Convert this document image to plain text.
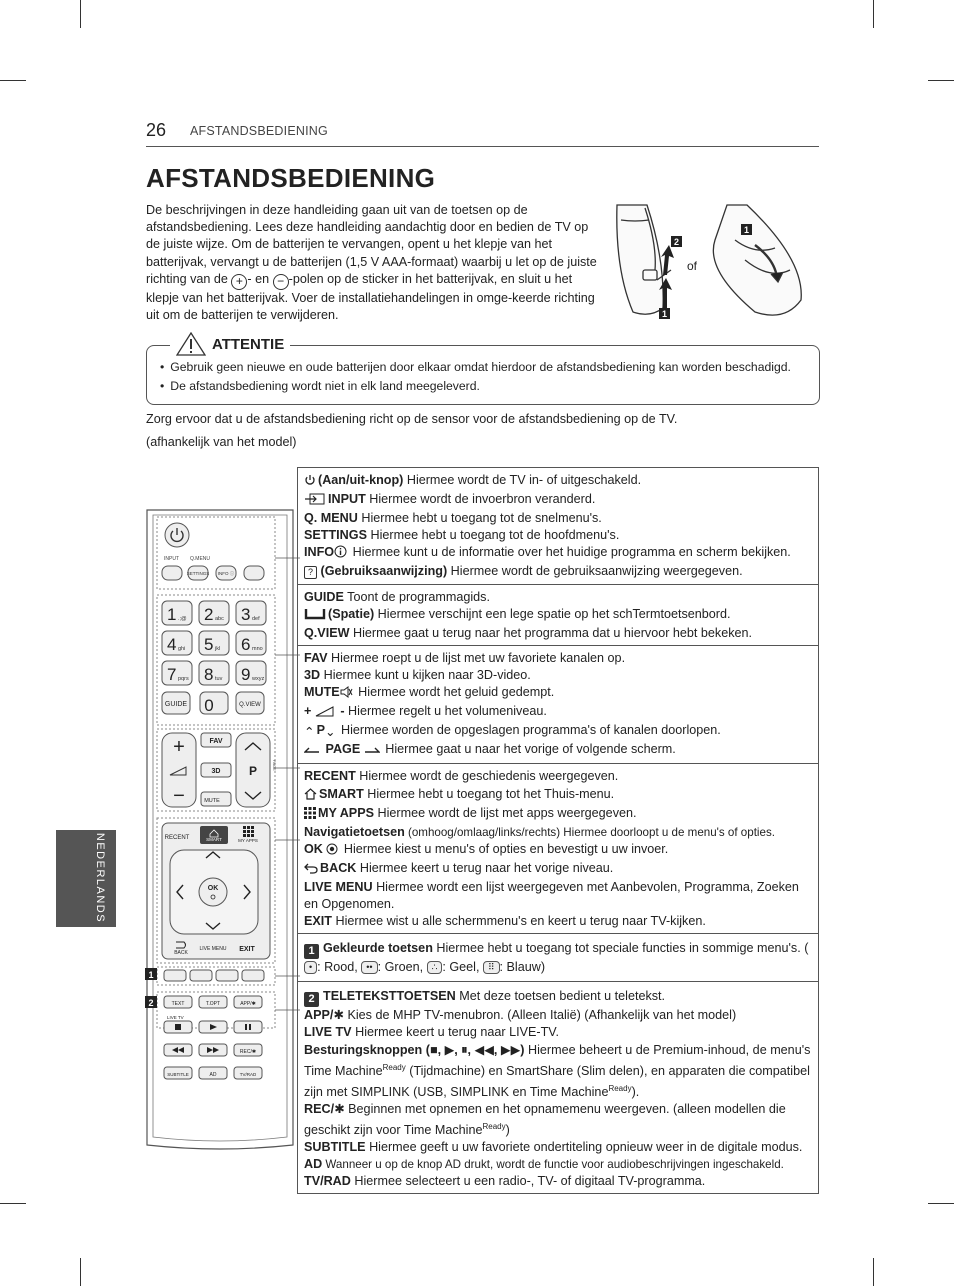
26 AFSTANDSBEDIENING
AFSTANDSBEDIENING
De beschrijvingen in deze handleiding gaan uit van de toetsen op de afstandsbediening. Lees deze handleiding aandachtig door en bedien de TV op de juiste wijze. Om de batterijen te vervangen, opent u het klepje van het batterijvak, vervangt u de batterijen (1,5 V AAA-formaat) waarbij u let op de juiste richting van de + - en − -polen op de sticker in het batterijvak, en sluit u het klepje van het batterijvak. Voer de installatiehandelingen in omge-keerde richting uit om de batterijen te verwijderen.
2
1
of
1
ATTENTIE
• Gebruik geen nieuwe en oude batterijen door elkaar omdat hierdoor de afstandsbediening kan worden beschadigd.
• De afstandsbediening wordt niet in elk land meegeleverd.
Zorg ervoor dat u de afstandsbediening richt op de sensor voor de afstandsbediening op de TV.
(afhankelijk van het model)
NEDERLANDS
INPUT Q.MENU
SETTINGS INFO ⓘ
1 .;@ 2 abc 3 def
4 ghi 5 jkl 6 mno
7 pqrs 8 tuv 9 wxyz
GUIDE 0	Q.VIEW
+
−
FAV
3D
MUTE
P	PAGE
RECENT	SMART	MY APPS
OK
BACK
LIVE MENU EXIT
1
2	TEXT	T.OPT	APP/✱
LIVE TV
REC/✱
SUBTITLE	AD	TV/RAD
(Aan/uit-knop) Hiermee wordt de TV in- of uitgeschakeld.
INPUT Hiermee wordt de invoerbron veranderd.
Q. MENU Hiermee hebt u toegang tot de snelmenu's.
SETTINGS Hiermee hebt u toegang tot de hoofdmenu's.
INFO Hiermee kunt u de informatie over het huidige programma en scherm bekijken.
? (Gebruiksaanwijzing) Hiermee wordt de gebruiksaanwijzing weergegeven.
GUIDE Toont de programmagids.
(Spatie) Hiermee verschijnt een lege spatie op het schTermtoetsenbord.
Q.VIEW Hiermee gaat u terug naar het programma dat u hiervoor hebt bekeken.
FAV Hiermee roept u de lijst met uw favoriete kanalen op.
3D Hiermee kunt u kijken naar 3D-video.
MUTE Hiermee wordt het geluid gedempt.
+ - Hiermee regelt u het volumeniveau.
⌃ P⌄ Hiermee worden de opgeslagen programma's of kanalen doorlopen.
PAGE  Hiermee gaat u naar het vorige of volgende scherm.
RECENT Hiermee wordt de geschiedenis weergegeven.
SMART Hiermee hebt u toegang tot het Thuis-menu.
MY APPS Hiermee wordt de lijst met apps weergegeven.
Navigatietoetsen (omhoog/omlaag/links/rechts) Hiermee doorloopt u de menu's of opties.
OK  Hiermee kiest u menu's of opties en bevestigt u uw invoer.
BACK Hiermee keert u terug naar het vorige niveau.
LIVE MENU Hiermee wordt een lijst weergegeven met Aanbevolen, Programma, Zoeken en Opgenomen.
EXIT Hiermee wist u alle schermmenu's en keert u terug naar TV-kijken.
1 Gekleurde toetsen Hiermee hebt u toegang tot speciale functies in sommige menu's. (• : Rood, •• : Groen, ∴ : Geel, ⠿ : Blauw)
2 TELETEKSTTOETSEN Met deze toetsen bedient u teletekst.
APP/✱ Kies de MHP TV-menubron. (Alleen Italië) (Afhankelijk van het model)
LIVE TV Hiermee keert u terug naar LIVE-TV.
Besturingsknoppen (■, ▶, ⏸, ◀◀, ▶▶) Hiermee beheert u de Premium-inhoud, de menu's Time Machine$^{Ready}$ (Tijdmachine) en SmartShare (Slim delen), en apparaten die compatibel zijn met SIMPLINK (USB, SIMPLINK en Time Machine$^{Ready}$).
REC/✱ Beginnen met opnemen en het opnamemenu weergeven. (alleen modellen die geschikt zijn voor Time Machine$^{Ready}$)
SUBTITLE Hiermee geeft u uw favoriete ondertiteling opnieuw weer in de digitale modus.
AD Wanneer u op de knop AD drukt, wordt de functie voor audiobeschrijvingen ingeschakeld.
TV/RAD Hiermee selecteert u een radio-, TV- of digitaal TV-programma.
